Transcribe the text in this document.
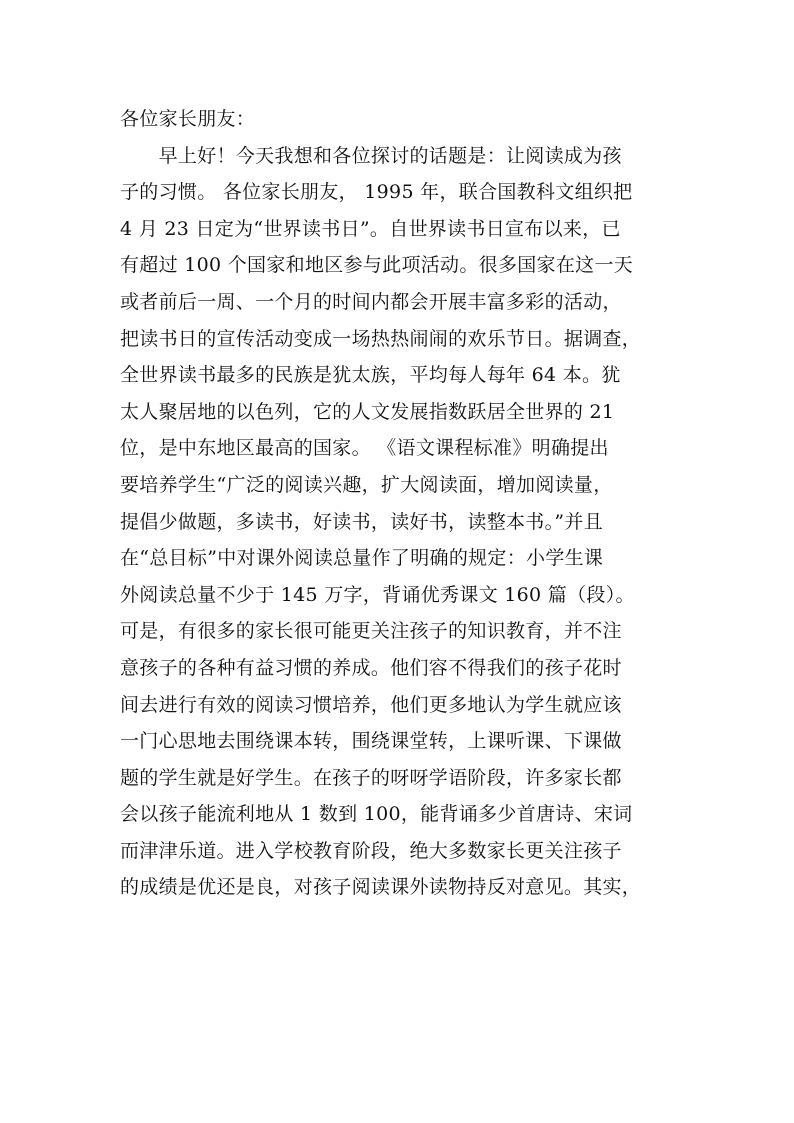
各位家长朋友：
　　早上好！今天我想和各位探讨的话题是：让阅读成为孩
子的习惯。 各位家长朋友， 1995 年，联合国教科文组织把
4 月 23 日定为“世界读书日”。自世界读书日宣布以来，已
有超过 100 个国家和地区参与此项活动。很多国家在这一天
或者前后一周、一个月的时间内都会开展丰富多彩的活动，
把读书日的宣传活动变成一场热热闹闹的欢乐节日。据调查，
全世界读书最多的民族是犹太族，平均每人每年 64 本。犹
太人聚居地的以色列，它的人文发展指数跃居全世界的 21
位，是中东地区最高的国家。 《语文课程标准》明确提出
要培养学生“广泛的阅读兴趣，扩大阅读面，增加阅读量，
提倡少做题，多读书，好读书，读好书，读整本书。”并且
在“总目标”中对课外阅读总量作了明确的规定：小学生课
外阅读总量不少于 145 万字，背诵优秀课文 160 篇（段）。
可是，有很多的家长很可能更关注孩子的知识教育，并不注
意孩子的各种有益习惯的养成。他们容不得我们的孩子花时
间去进行有效的阅读习惯培养，他们更多地认为学生就应该
一门心思地去围绕课本转，围绕课堂转，上课听课、下课做
题的学生就是好学生。在孩子的呀呀学语阶段，许多家长都
会以孩子能流利地从 1 数到 100，能背诵多少首唐诗、宋词
而津津乐道。进入学校教育阶段，绝大多数家长更关注孩子
的成绩是优还是良，对孩子阅读课外读物持反对意见。其实，
